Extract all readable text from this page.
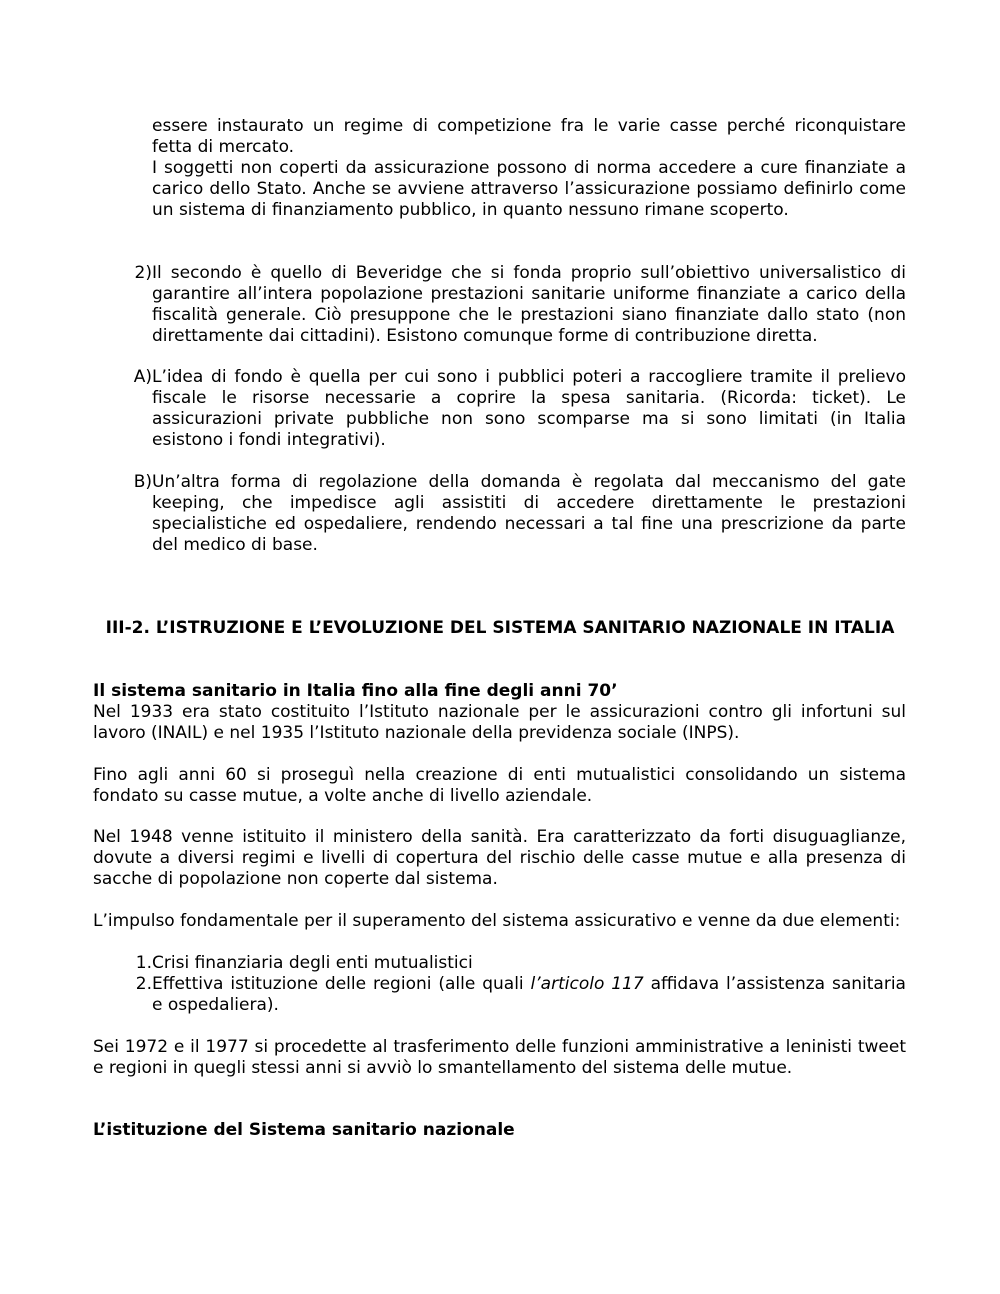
essere instaurato un regime di competizione fra le varie casse perché riconquistare fetta di mercato.

I soggetti non coperti da assicurazione possono di norma accedere a cure finanziate a carico dello Stato. Anche se avviene attraverso l’assicurazione possiamo definirlo come un sistema di finanziamento pubblico, in quanto nessuno rimane scoperto.

2) Il secondo è quello di Beveridge che si fonda proprio sull’obiettivo universalistico di garantire all’intera popolazione prestazioni sanitarie uniforme finanziate a carico della fiscalità generale. Ciò presuppone che le prestazioni siano finanziate dallo stato (non direttamente dai cittadini). Esistono comunque forme di contribuzione diretta.
A) L’idea di fondo è quella per cui sono i pubblici poteri a raccogliere tramite il prelievo fiscale le risorse necessarie a coprire la spesa sanitaria. (Ricorda: ticket). Le assicurazioni private pubbliche non sono scomparse ma si sono limitati (in Italia esistono i fondi integrativi).
B) Un’altra forma di regolazione della domanda è regolata dal meccanismo del gate keeping, che impedisce agli assistiti di accedere direttamente le prestazioni specialistiche ed ospedaliere, rendendo necessari a tal fine una prescrizione da parte del medico di base.
III-2. L’ISTRUZIONE E L’EVOLUZIONE DEL SISTEMA SANITARIO NAZIONALE IN ITALIA

Il sistema sanitario in Italia fino alla fine degli anni 70’

Nel 1933 era stato costituito l’Istituto nazionale per le assicurazioni contro gli infortuni sul lavoro (INAIL) e nel 1935 l’Istituto nazionale della previdenza sociale (INPS).

Fino agli anni 60 si proseguì nella creazione di enti mutualistici consolidando un sistema fondato su casse mutue, a volte anche di livello aziendale.

Nel 1948 venne istituito il ministero della sanità. Era caratterizzato da forti disuguaglianze, dovute a diversi regimi e livelli di copertura del rischio delle casse mutue e alla presenza di sacche di popolazione non coperte dal sistema.

L’impulso fondamentale per il superamento del sistema assicurativo e venne da due elementi:

1. Crisi finanziaria degli enti mutualistici
2. Effettiva istituzione delle regioni (alle quali l’articolo 117 affidava l’assistenza sanitaria e ospedaliera).

Sei 1972 e il 1977 si procedette al trasferimento delle funzioni amministrative a leninisti tweet e regioni in quegli stessi anni si avviò lo smantellamento del sistema delle mutue.

L’istituzione del Sistema sanitario nazionale
